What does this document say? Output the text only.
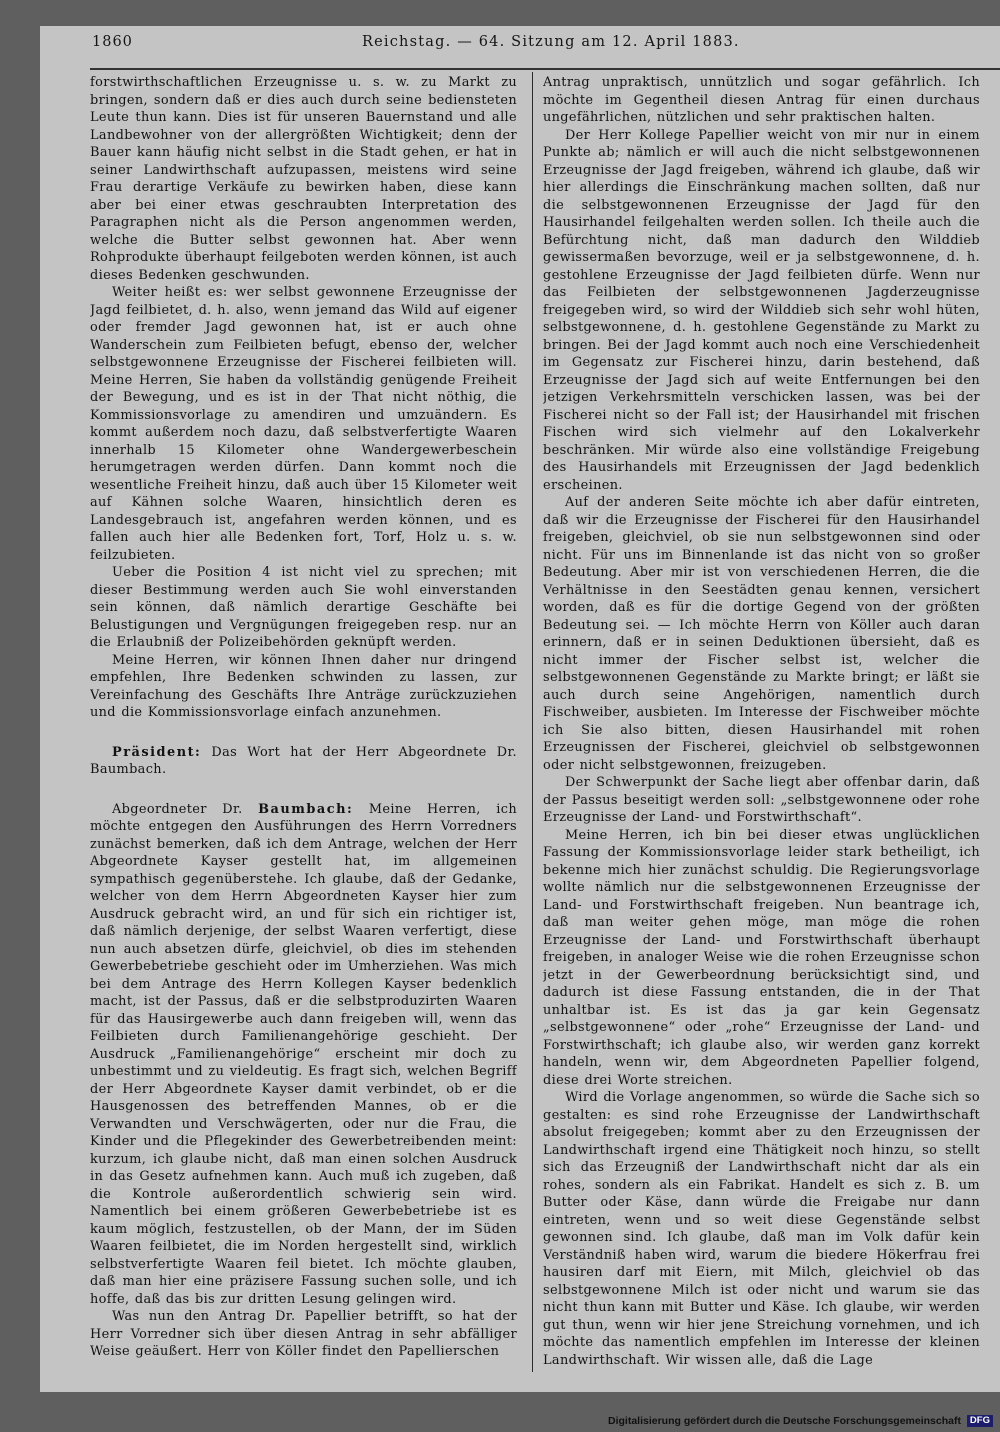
1860	Reichstag. — 64. Sitzung am 12. April 1883.

forstwirthschaftlichen Erzeugnisse u. s. w. zu Markt zu bringen, sondern daß er dies auch durch seine bediensteten Leute thun kann. Dies ist für unseren Bauernstand und alle Landbewohner von der allergrößten Wichtigkeit; denn der Bauer kann häufig nicht selbst in die Stadt gehen, er hat in seiner Landwirthschaft aufzupassen, meistens wird seine Frau derartige Verkäufe zu bewirken haben, diese kann aber bei einer etwas geschraubten Interpretation des Paragraphen nicht als die Person angenommen werden, welche die Butter selbst gewonnen hat. Aber wenn Rohprodukte überhaupt feilgeboten werden können, ist auch dieses Bedenken geschwunden.

Weiter heißt es: wer selbst gewonnene Erzeugnisse der Jagd feilbietet, d. h. also, wenn jemand das Wild auf eigener oder fremder Jagd gewonnen hat, ist er auch ohne Wanderschein zum Feilbieten befugt, ebenso der, welcher selbstgewonnene Erzeugnisse der Fischerei feilbieten will. Meine Herren, Sie haben da vollständig genügende Freiheit der Bewegung, und es ist in der That nicht nöthig, die Kommissionsvorlage zu amendiren und umzuändern. Es kommt außerdem noch dazu, daß selbstverfertigte Waaren innerhalb 15 Kilometer ohne Wandergewerbeschein herumgetragen werden dürfen. Dann kommt noch die wesentliche Freiheit hinzu, daß auch über 15 Kilometer weit auf Kähnen solche Waaren, hinsichtlich deren es Landesgebrauch ist, angefahren werden können, und es fallen auch hier alle Bedenken fort, Torf, Holz u. s. w. feilzubieten.

Ueber die Position 4 ist nicht viel zu sprechen; mit dieser Bestimmung werden auch Sie wohl einverstanden sein können, daß nämlich derartige Geschäfte bei Belustigungen und Vergnügungen freigegeben resp. nur an die Erlaubniß der Polizeibehörden geknüpft werden.

Meine Herren, wir können Ihnen daher nur dringend empfehlen, Ihre Bedenken schwinden zu lassen, zur Vereinfachung des Geschäfts Ihre Anträge zurückzuziehen und die Kommissionsvorlage einfach anzunehmen.

Präsident: Das Wort hat der Herr Abgeordnete Dr. Baumbach.

Abgeordneter Dr. Baumbach: Meine Herren, ich möchte entgegen den Ausführungen des Herrn Vorredners zunächst bemerken, daß ich dem Antrage, welchen der Herr Abgeordnete Kayser gestellt hat, im allgemeinen sympathisch gegenüberstehe. Ich glaube, daß der Gedanke, welcher von dem Herrn Abgeordneten Kayser hier zum Ausdruck gebracht wird, an und für sich ein richtiger ist, daß nämlich derjenige, der selbst Waaren verfertigt, diese nun auch absetzen dürfe, gleichviel, ob dies im stehenden Gewerbebetriebe geschieht oder im Umherziehen. Was mich bei dem Antrage des Herrn Kollegen Kayser bedenklich macht, ist der Passus, daß er die selbstproduzirten Waaren für das Hausirgewerbe auch dann freigeben will, wenn das Feilbieten durch Familienangehörige geschieht. Der Ausdruck „Familienangehörige“ erscheint mir doch zu unbestimmt und zu vieldeutig. Es fragt sich, welchen Begriff der Herr Abgeordnete Kayser damit verbindet, ob er die Hausgenossen des betreffenden Mannes, ob er die Verwandten und Verschwägerten, oder nur die Frau, die Kinder und die Pflegekinder des Gewerbetreibenden meint: kurzum, ich glaube nicht, daß man einen solchen Ausdruck in das Gesetz aufnehmen kann. Auch muß ich zugeben, daß die Kontrole außerordentlich schwierig sein wird. Namentlich bei einem größeren Gewerbebetriebe ist es kaum möglich, festzustellen, ob der Mann, der im Süden Waaren feilbietet, die im Norden hergestellt sind, wirklich selbstverfertigte Waaren feil bietet. Ich möchte glauben, daß man hier eine präzisere Fassung suchen solle, und ich hoffe, daß das bis zur dritten Lesung gelingen wird.

Was nun den Antrag Dr. Papellier betrifft, so hat der Herr Vorredner sich über diesen Antrag in sehr abfälliger Weise geäußert. Herr von Köller findet den Papellierschen

Antrag unpraktisch, unnützlich und sogar gefährlich. Ich möchte im Gegentheil diesen Antrag für einen durchaus ungefährlichen, nützlichen und sehr praktischen halten.

Der Herr Kollege Papellier weicht von mir nur in einem Punkte ab; nämlich er will auch die nicht selbstgewonnenen Erzeugnisse der Jagd freigeben, während ich glaube, daß wir hier allerdings die Einschränkung machen sollten, daß nur die selbstgewonnenen Erzeugnisse der Jagd für den Hausirhandel feilgehalten werden sollen. Ich theile auch die Befürchtung nicht, daß man dadurch den Wilddieb gewissermaßen bevorzuge, weil er ja selbstgewonnene, d. h. gestohlene Erzeugnisse der Jagd feilbieten dürfe. Wenn nur das Feilbieten der selbstgewonnenen Jagderzeugnisse freigegeben wird, so wird der Wilddieb sich sehr wohl hüten, selbstgewonnene, d. h. gestohlene Gegenstände zu Markt zu bringen. Bei der Jagd kommt auch noch eine Verschiedenheit im Gegensatz zur Fischerei hinzu, darin bestehend, daß Erzeugnisse der Jagd sich auf weite Entfernungen bei den jetzigen Verkehrsmitteln verschicken lassen, was bei der Fischerei nicht so der Fall ist; der Hausirhandel mit frischen Fischen wird sich vielmehr auf den Lokalverkehr beschränken. Mir würde also eine vollständige Freigebung des Hausirhandels mit Erzeugnissen der Jagd bedenklich erscheinen.

Auf der anderen Seite möchte ich aber dafür eintreten, daß wir die Erzeugnisse der Fischerei für den Hausirhandel freigeben, gleichviel, ob sie nun selbstgewonnen sind oder nicht. Für uns im Binnenlande ist das nicht von so großer Bedeutung. Aber mir ist von verschiedenen Herren, die die Verhältnisse in den Seestädten genau kennen, versichert worden, daß es für die dortige Gegend von der größten Bedeutung sei. — Ich möchte Herrn von Köller auch daran erinnern, daß er in seinen Deduktionen übersieht, daß es nicht immer der Fischer selbst ist, welcher die selbstgewonnenen Gegenstände zu Markte bringt; er läßt sie auch durch seine Angehörigen, namentlich durch Fischweiber, ausbieten. Im Interesse der Fischweiber möchte ich Sie also bitten, diesen Hausirhandel mit rohen Erzeugnissen der Fischerei, gleichviel ob selbstgewonnen oder nicht selbstgewonnen, freizugeben.

Der Schwerpunkt der Sache liegt aber offenbar darin, daß der Passus beseitigt werden soll: „selbstgewonnene oder rohe Erzeugnisse der Land- und Forstwirthschaft“.

Meine Herren, ich bin bei dieser etwas unglücklichen Fassung der Kommissionsvorlage leider stark betheiligt, ich bekenne mich hier zunächst schuldig. Die Regierungsvorlage wollte nämlich nur die selbstgewonnenen Erzeugnisse der Land- und Forstwirthschaft freigeben. Nun beantrage ich, daß man weiter gehen möge, man möge die rohen Erzeugnisse der Land- und Forstwirthschaft überhaupt freigeben, in analoger Weise wie die rohen Erzeugnisse schon jetzt in der Gewerbeordnung berücksichtigt sind, und dadurch ist diese Fassung entstanden, die in der That unhaltbar ist. Es ist das ja gar kein Gegensatz „selbstgewonnene“ oder „rohe“ Erzeugnisse der Land- und Forstwirthschaft; ich glaube also, wir werden ganz korrekt handeln, wenn wir, dem Abgeordneten Papellier folgend, diese drei Worte streichen.

Wird die Vorlage angenommen, so würde die Sache sich so gestalten: es sind rohe Erzeugnisse der Landwirthschaft absolut freigegeben; kommt aber zu den Erzeugnissen der Landwirthschaft irgend eine Thätigkeit noch hinzu, so stellt sich das Erzeugniß der Landwirthschaft nicht dar als ein rohes, sondern als ein Fabrikat. Handelt es sich z. B. um Butter oder Käse, dann würde die Freigabe nur dann eintreten, wenn und so weit diese Gegenstände selbst gewonnen sind. Ich glaube, daß man im Volk dafür kein Verständniß haben wird, warum die biedere Hökerfrau frei hausiren darf mit Eiern, mit Milch, gleichviel ob das selbstgewonnene Milch ist oder nicht und warum sie das nicht thun kann mit Butter und Käse. Ich glaube, wir werden gut thun, wenn wir hier jene Streichung vornehmen, und ich möchte das namentlich empfehlen im Interesse der kleinen Landwirthschaft. Wir wissen alle, daß die Lage

Digitalisierung gefördert durch die Deutsche Forschungsgemeinschaft DFG
